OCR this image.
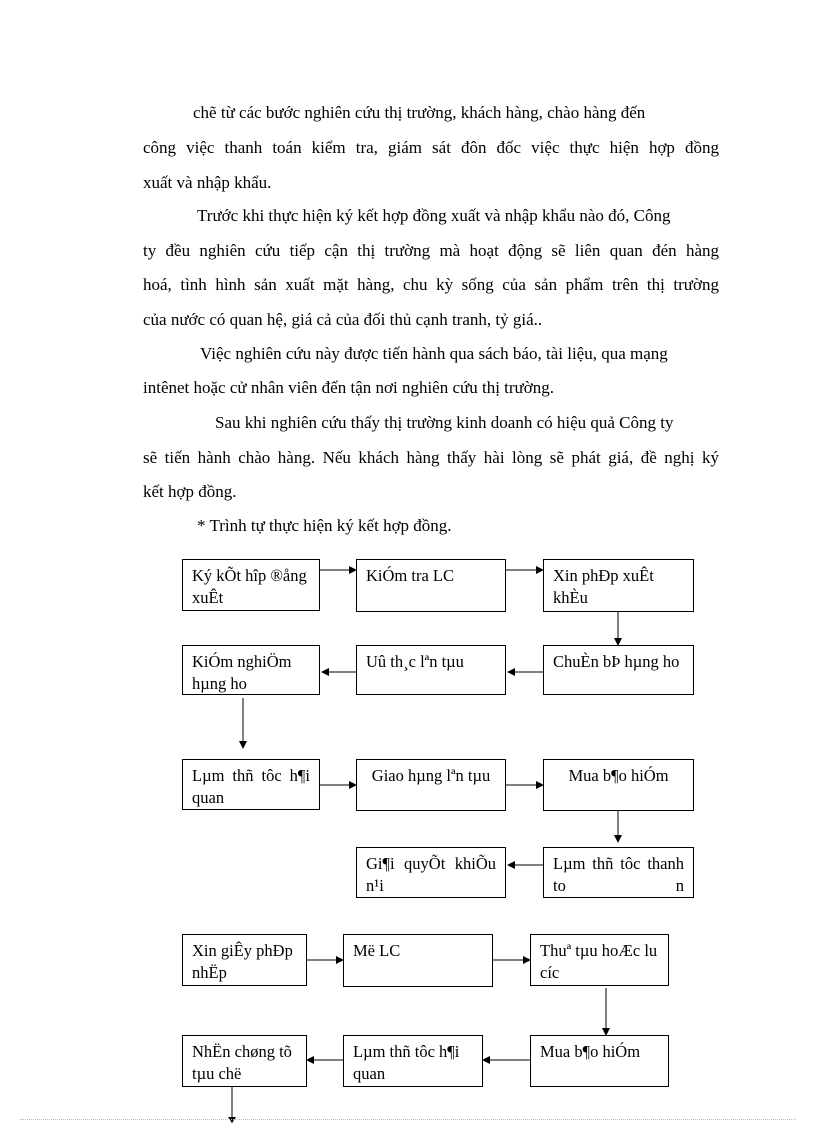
chẽ từ các bước nghiên cứu thị trường, khách hàng, chào hàng đến

công việc thanh toán kiểm tra, giám sát đôn đốc việc thực hiện hợp đồng

xuất và nhập khẩu.

Trước khi thực hiện ký kết hợp đồng xuất và nhập khẩu nào đó, Công

ty đều nghiên cứu tiếp cận thị trường mà hoạt động sẽ liên quan đén hàng

hoá, tình hình sản xuất mặt hàng, chu kỳ sống của sản phẩm trên thị trường

của nước có quan hệ, giá cả của đối thủ cạnh tranh, tỷ giá..

Việc nghiên cứu này được tiến hành qua sách báo, tài liệu, qua mạng

intênet hoặc cử nhân viên đến tận nơi nghiên cứu thị trường.

Sau khi nghiên cứu thấy thị trường kinh doanh có hiệu quả Công ty

sẽ tiến hành chào hàng. Nếu khách hàng thấy hài lòng sẽ phát giá, đề nghị ký

kết hợp đồng.

* Trình tự thực hiện ký kết hợp đồng.

Ký kÕt hîp ®ång xuÊt
KiÓm tra LC	Xin phÐp xuÊt khÈu
ChuÈn bÞ hµng ho
Uû th¸c lªn tµu
KiÓm nghiÖm hµng ho
Lµm thñ tôc h¶i quan
Giao hµng lªn tµu	Mua b¶o hiÓm
Gi¶i quyÕt khiÕu n¹i
Lµm thñ tôc thanh to n
Xin giÊy phÐp nhËp
Më LC	Thuª tµu hoÆc lu cíc
Mua b¶o hiÓm
Lµm thñ tôc h¶i quan
NhËn chøng tõ tµu chë
